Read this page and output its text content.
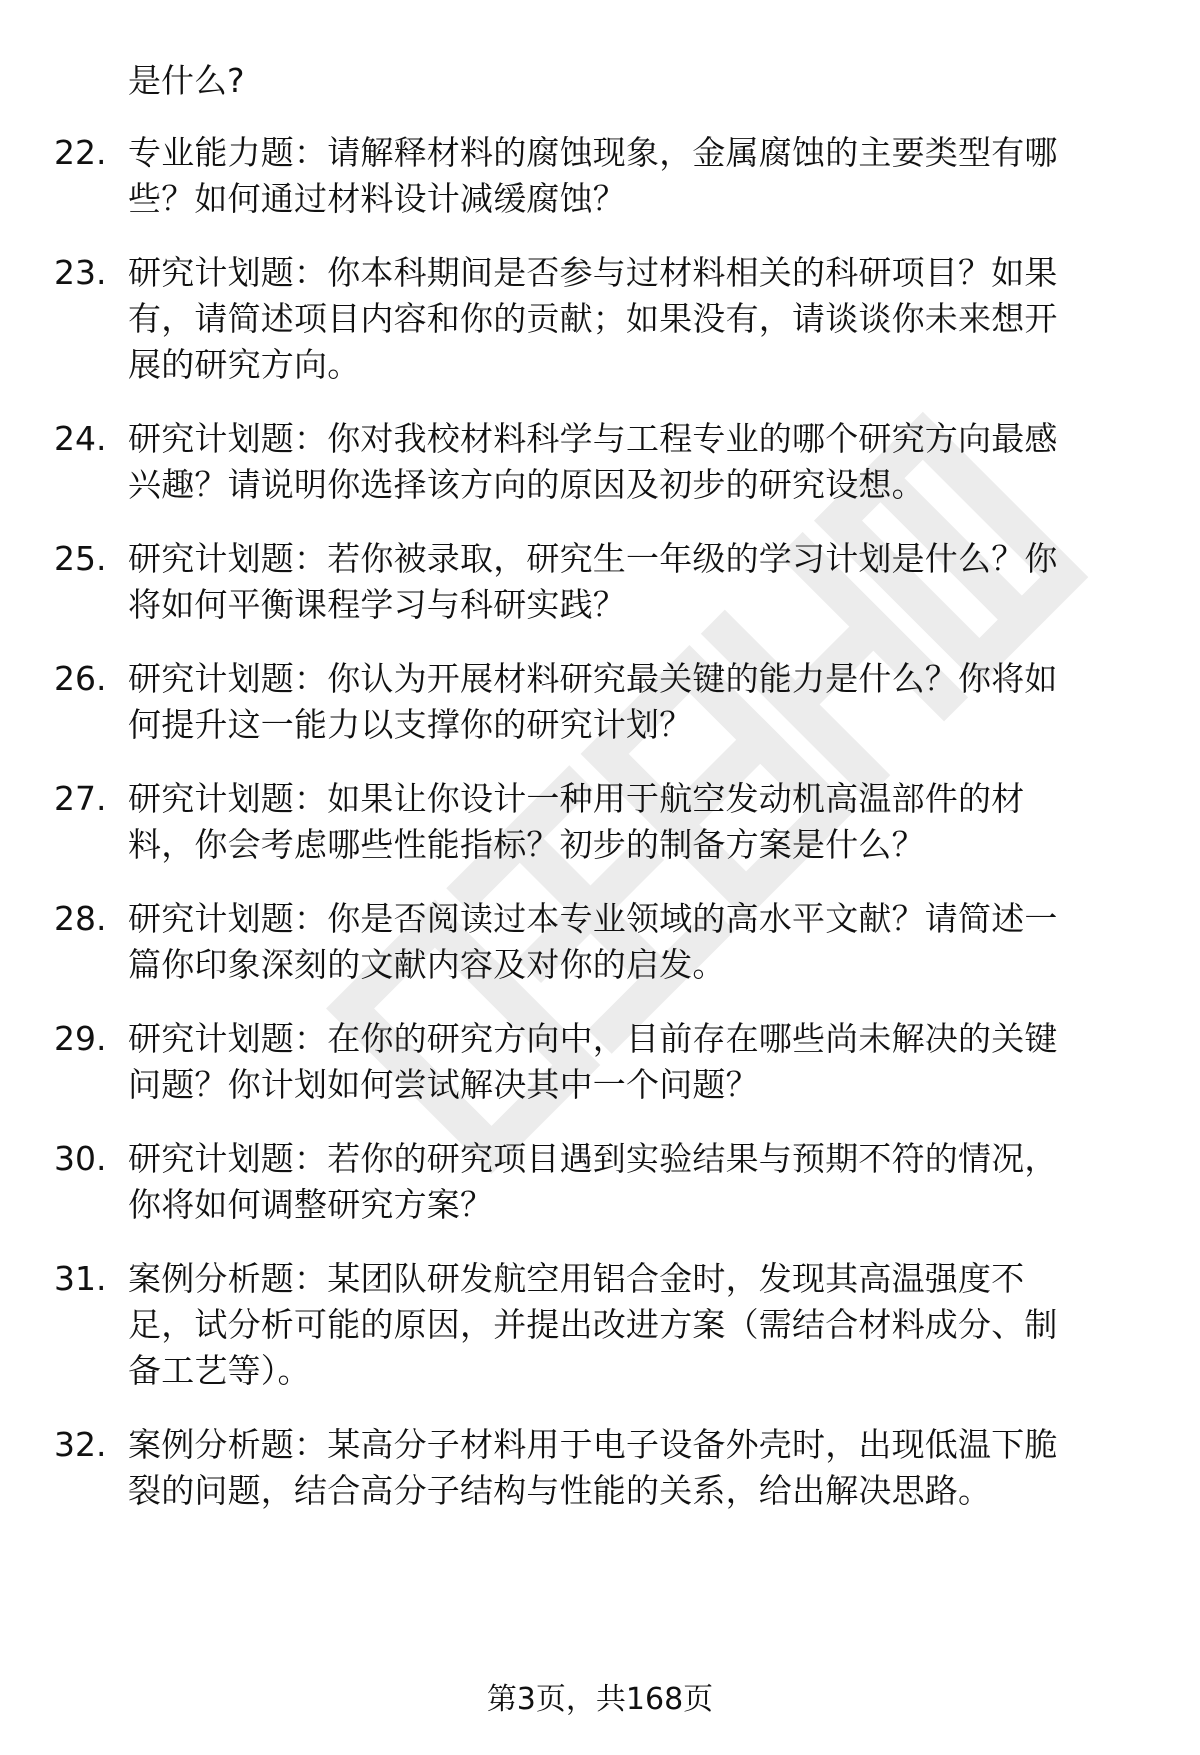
是什么?
22. 专业能力题：请解释材料的腐蚀现象，金属腐蚀的主要类型有哪
些？如何通过材料设计减缓腐蚀？
23. 研究计划题：你本科期间是否参与过材料相关的科研项目？如果
有，请简述项目内容和你的贡献；如果没有，请谈谈你未来想开
展的研究方向。
24. 研究计划题：你对我校材料科学与工程专业的哪个研究方向最感
兴趣？请说明你选择该方向的原因及初步的研究设想。
25. 研究计划题：若你被录取，研究生一年级的学习计划是什么？你
将如何平衡课程学习与科研实践？
26. 研究计划题：你认为开展材料研究最关键的能力是什么？你将如
何提升这一能力以支撑你的研究计划？
27. 研究计划题：如果让你设计一种用于航空发动机高温部件的材
料，你会考虑哪些性能指标？初步的制备方案是什么？
28. 研究计划题：你是否阅读过本专业领域的高水平文献？请简述一
篇你印象深刻的文献内容及对你的启发。
29. 研究计划题：在你的研究方向中，目前存在哪些尚未解决的关键
问题？你计划如何尝试解决其中一个问题？
30. 研究计划题：若你的研究项目遇到实验结果与预期不符的情况，
你将如何调整研究方案？
31. 案例分析题：某团队研发航空用铝合金时，发现其高温强度不
足，试分析可能的原因，并提出改进方案（需结合材料成分、制
备工艺等）。
32. 案例分析题：某高分子材料用于电子设备外壳时，出现低温下脆
裂的问题，结合高分子结构与性能的关系，给出解决思路。
第3页，共168页
